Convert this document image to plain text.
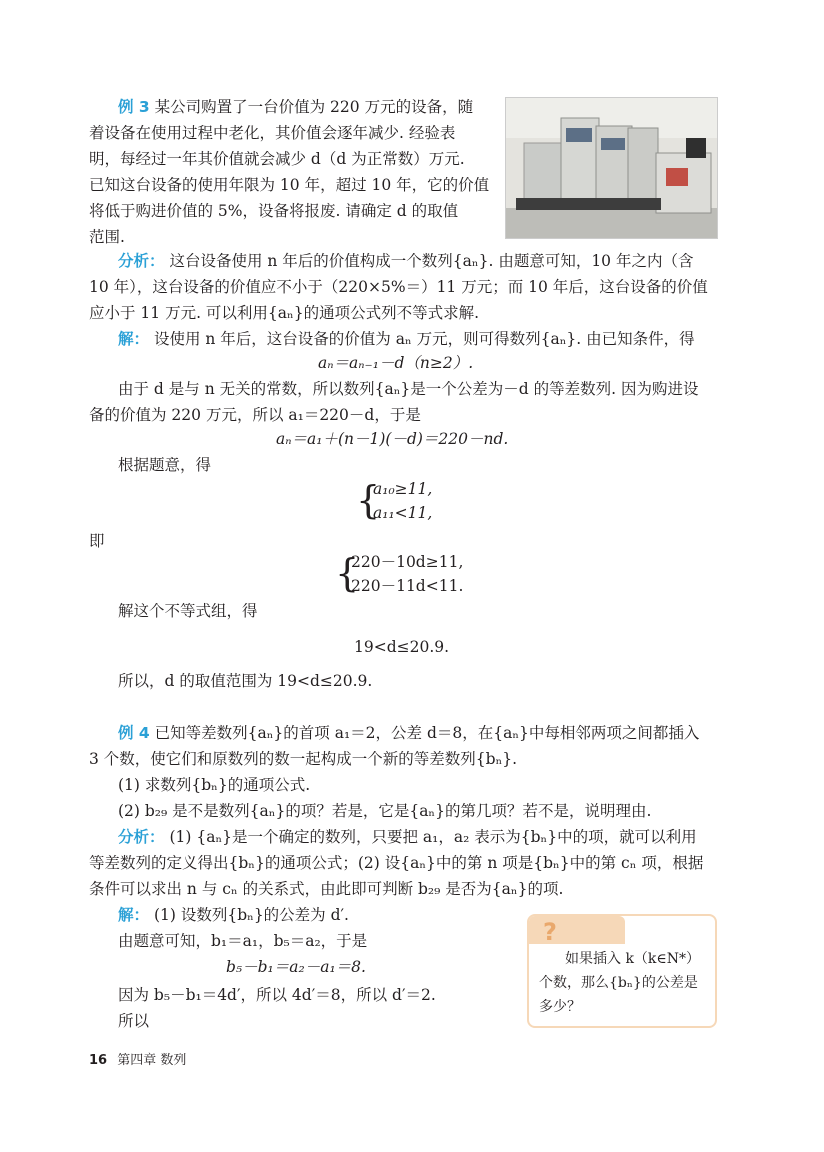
例 3 某公司购置了一台价值为 220 万元的设备，随
着设备在使用过程中老化，其价值会逐年减少. 经验表
明，每经过一年其价值就会减少 d（d 为正常数）万元.
已知这台设备的使用年限为 10 年，超过 10 年，它的价值
将低于购进价值的 5%，设备将报废. 请确定 d 的取值
范围.
分析： 这台设备使用 n 年后的价值构成一个数列{aₙ}. 由题意可知，10 年之内（含
10 年），这台设备的价值应不小于（220×5%＝）11 万元；而 10 年后，这台设备的价值
应小于 11 万元. 可以利用{aₙ}的通项公式列不等式求解.
解： 设使用 n 年后，这台设备的价值为 aₙ 万元，则可得数列{aₙ}. 由已知条件，得
aₙ＝aₙ₋₁－d（n≥2）.
由于 d 是与 n 无关的常数，所以数列{aₙ}是一个公差为－d 的等差数列. 因为购进设
备的价值为 220 万元，所以 a₁＝220－d，于是
aₙ＝a₁＋(n－1)(－d)＝220－nd.
根据题意，得
{
a₁₀≥11,
a₁₁<11,
即
{
220－10d≥11,
220－11d<11.
解这个不等式组，得
19<d≤20.9.
所以，d 的取值范围为 19<d≤20.9.
例 4 已知等差数列{aₙ}的首项 a₁＝2，公差 d＝8，在{aₙ}中每相邻两项之间都插入
3 个数，使它们和原数列的数一起构成一个新的等差数列{bₙ}.
(1) 求数列{bₙ}的通项公式.
(2) b₂₉ 是不是数列{aₙ}的项？若是，它是{aₙ}的第几项？若不是，说明理由.
分析： (1) {aₙ}是一个确定的数列，只要把 a₁，a₂ 表示为{bₙ}中的项，就可以利用
等差数列的定义得出{bₙ}的通项公式；(2) 设{aₙ}中的第 n 项是{bₙ}中的第 cₙ 项，根据
条件可以求出 n 与 cₙ 的关系式，由此即可判断 b₂₉ 是否为{aₙ}的项.
解： (1) 设数列{bₙ}的公差为 d′.
由题意可知，b₁＝a₁，b₅＝a₂，于是
b₅－b₁＝a₂－a₁＝8.
因为 b₅－b₁＝4d′，所以 4d′＝8，所以 d′＝2.
所以
?
如果插入 k（k∈N*）
个数，那么{bₙ}的公差是
多少？
16 第四章 数列
